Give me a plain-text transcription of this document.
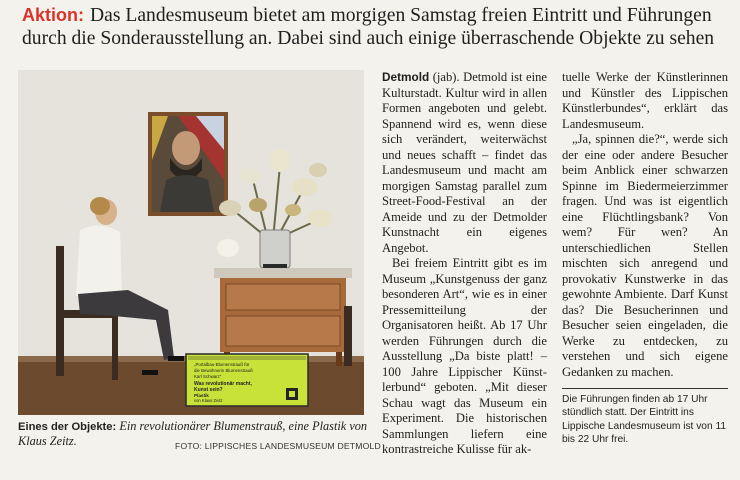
Aktion: Das Landesmuseum bietet am morgigen Samstag freien Eintritt und Führungen durch die Sonderausstellung an. Dabei sind auch einige überraschende Objekte zu sehen
„Portalbau-Blumenstrauß für
die Bewohnerin Blumenstrauß
Karl Schwarz“
Was revolutionär macht,
Kunst sein?
Plastik
von Klaus Zeitz
Eines der Objekte: Ein revolutionärer Blumenstrauß, eine Plastik von Klaus Zeitz.	FOTO: LIPPISCHES LANDESMUSEUM DETMOLD

Detmold (jab). Detmold ist eine Kulturstadt. Kultur wird in allen Formen angeboten und gelebt. Spannend wird es, wenn diese sich verändert, weiterwächst und neues schafft – findet das Landesmuseum und macht am morgigen Samstag parallel zum Street-Food-Festival an der Ameide und zu der Detmolder Kunstnacht ein eigenes Angebot.

Bei freiem Eintritt gibt es im Museum „Kunstgenuss der ganz besonderen Art“, wie es in einer Pressemitteilung der Organisatoren heißt. Ab 17 Uhr werden Führungen durch die Ausstellung „Da biste platt! – 100 Jahre Lippischer Künstlerbund“ geboten. „Mit dieser Schau wagt das Museum ein Experiment. Die historischen Sammlungen liefern eine kontrastreiche Kulisse für ak-

tuelle Werke der Künstlerinnen und Künstler des Lippischen Künstlerbundes“, erklärt das Landesmuseum.

„Ja, spinnen die?“, werde sich der eine oder andere Besucher beim Anblick einer schwarzen Spinne im Biedermeierzimmer fragen. Und was ist eigentlich eine Flüchtlingsbank? Von wem? Für wen? An unterschiedlichen Stellen mischten sich anregend und provokativ Kunstwerke in das gewohnte Ambiente. Darf Kunst das? Die Besucherinnen und Besucher seien eingeladen, die Werke zu entdecken, zu verstehen und sich eigene Gedanken zu machen.

Die Führungen finden ab 17 Uhr stündlich statt. Der Eintritt ins Lippische Landesmuseum ist von 11 bis 22 Uhr frei.
